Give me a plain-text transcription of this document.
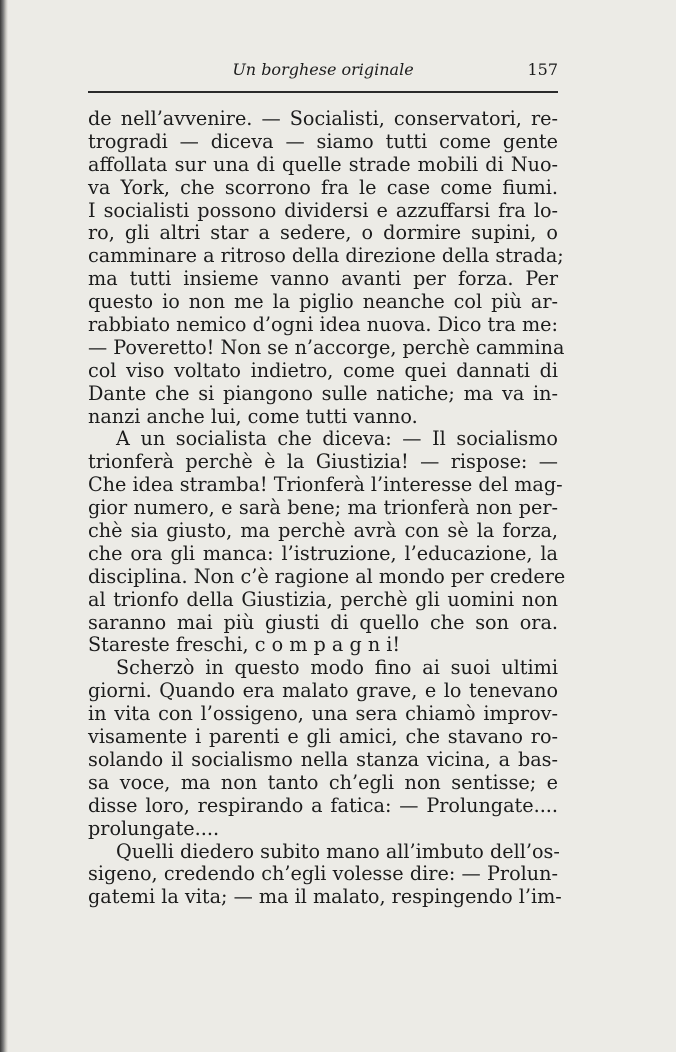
Un borghese originale	157
de nell’avvenire. — Socialisti, conservatori, re-
trogradi — diceva — siamo tutti come gente
affollata sur una di quelle strade mobili di Nuo-
va York, che scorrono fra le case come fiumi.
I socialisti possono dividersi e azzuffarsi fra lo-
ro, gli altri star a sedere, o dormire supini, o
camminare a ritroso della direzione della strada;
ma tutti insieme vanno avanti per forza. Per
questo io non me la piglio neanche col più ar-
rabbiato nemico d’ogni idea nuova. Dico tra me:
— Poveretto! Non se n’accorge, perchè cammina
col viso voltato indietro, come quei dannati di
Dante che si piangono sulle natiche; ma va in-
nanzi anche lui, come tutti vanno.
A un socialista che diceva: — Il socialismo
trionferà perchè è la Giustizia! — rispose: —
Che idea stramba! Trionferà l’interesse del mag-
gior numero, e sarà bene; ma trionferà non per-
chè sia giusto, ma perchè avrà con sè la forza,
che ora gli manca: l’istruzione, l’educazione, la
disciplina. Non c’è ragione al mondo per credere
al trionfo della Giustizia, perchè gli uomini non
saranno mai più giusti di quello che son ora.
Stareste freschi, c o m p a g n i!
Scherzò in questo modo fino ai suoi ultimi
giorni. Quando era malato grave, e lo tenevano
in vita con l’ossigeno, una sera chiamò improv-
visamente i parenti e gli amici, che stavano ro-
solando il socialismo nella stanza vicina, a bas-
sa voce, ma non tanto ch’egli non sentisse; e
disse loro, respirando a fatica: — Prolungate....
prolungate....
Quelli diedero subito mano all’imbuto dell’os-
sigeno, credendo ch’egli volesse dire: — Prolun-
gatemi la vita; — ma il malato, respingendo l’im-
